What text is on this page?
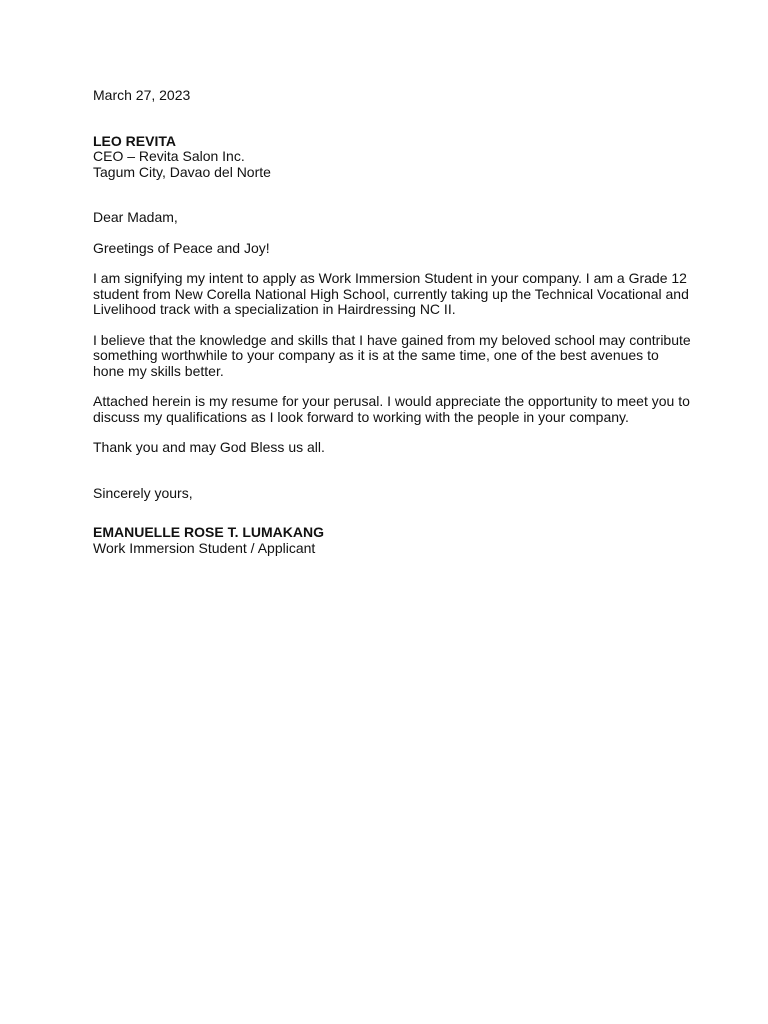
March 27, 2023

LEO REVITA

CEO – Revita Salon Inc.

Tagum City, Davao del Norte

Dear Madam,

Greetings of Peace and Joy!

I am signifying my intent to apply as Work Immersion Student in your company. I am a Grade 12 student from New Corella National High School, currently taking up the Technical Vocational and Livelihood track with a specialization in Hairdressing NC II.

I believe that the knowledge and skills that I have gained from my beloved school may contribute something worthwhile to your company as it is at the same time, one of the best avenues to hone my skills better.

Attached herein is my resume for your perusal. I would appreciate the opportunity to meet you to discuss my qualifications as I look forward to working with the people in your company.

Thank you and may God Bless us all.

Sincerely yours,

EMANUELLE ROSE T. LUMAKANG

Work Immersion Student / Applicant
